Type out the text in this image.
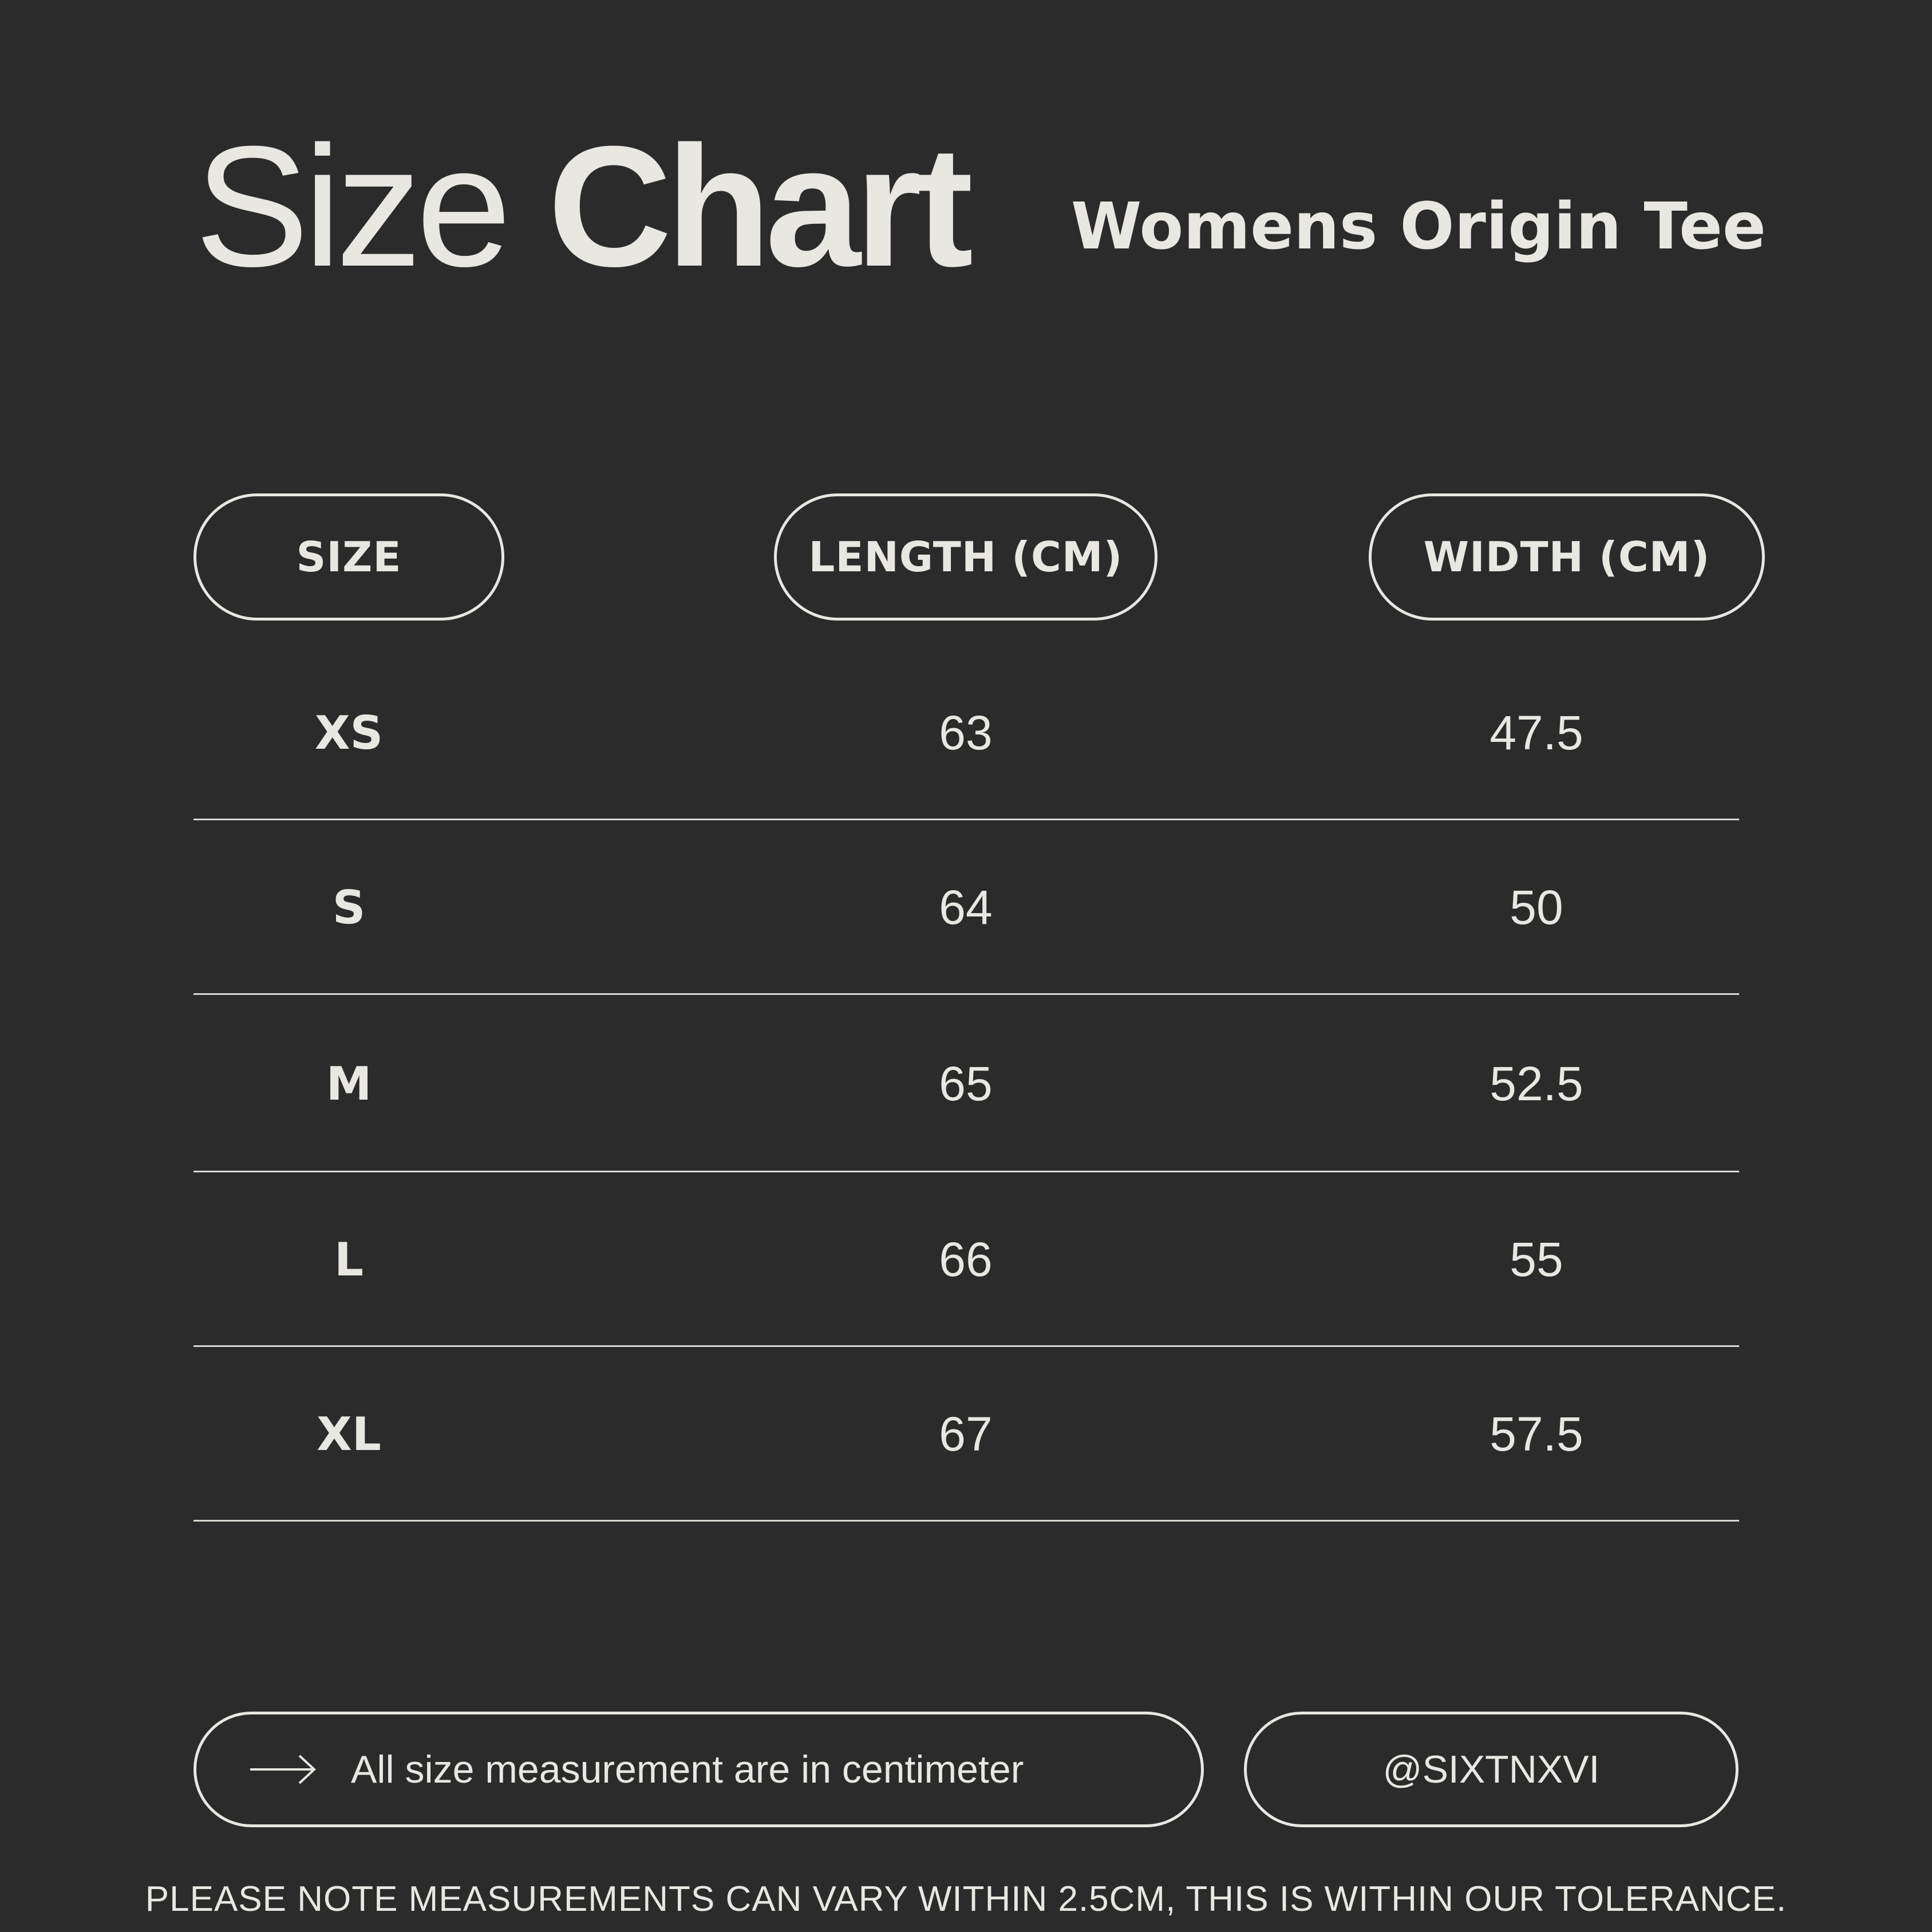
Size Chart Womens Origin Tee
SIZE	LENGTH (CM)	WIDTH (CM)
XS	63	47.5
S	64	50
M	65	52.5
L	66	55
XL	67	57.5
All size measurement are in centimeter	@SIXTNXVI
PLEASE NOTE MEASUREMENTS CAN VARY WITHIN 2.5CM, THIS IS WITHIN OUR TOLERANCE.
